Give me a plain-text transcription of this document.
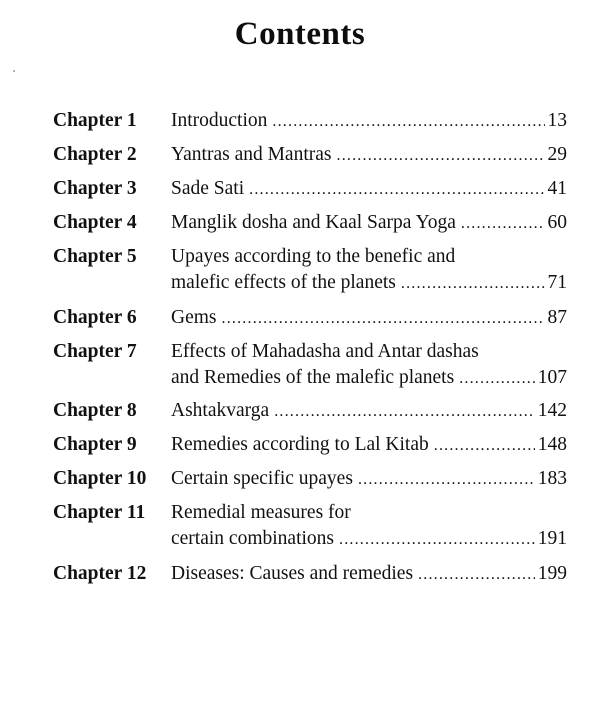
Contents
Chapter 1 Introduction .....	13
Chapter 2 Yantras and Mantras .....	29
Chapter 3 Sade Sati .....	41
Chapter 4 Manglik dosha and Kaal Sarpa Yoga .....	60
Chapter 5 Upayes according to the benefic and
malefic effects of the planets .....	71
Chapter 6 Gems .....	87
Chapter 7 Effects of Mahadasha and Antar dashas
and Remedies of the malefic planets .....	107
Chapter 8 Ashtakvarga .....	142
Chapter 9 Remedies according to Lal Kitab .....	148
Chapter 10 Certain specific upayes .....	183
Chapter 11 Remedial measures for
certain combinations .....	191
Chapter 12 Diseases: Causes and remedies .....	199
